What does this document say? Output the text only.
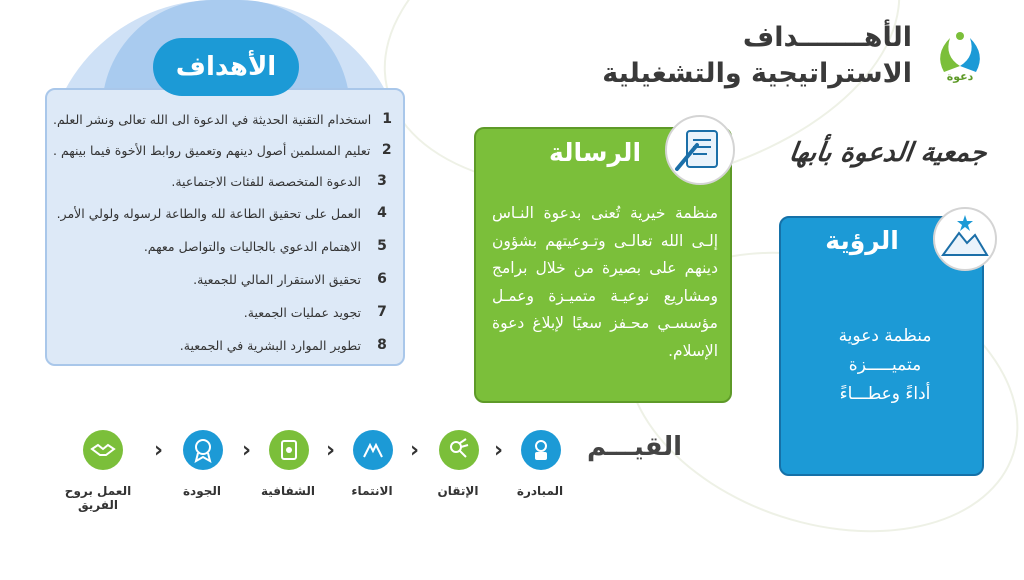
1
استخدام التقنية الحديثة في الدعوة الى الله تعالى ونشر العلم.
2
تعليم المسلمين أصول دينهم وتعميق روابط الأخوة فيما بينهم .
3
الدعوة المتخصصة للفئات الاجتماعية.
4
العمل على تحقيق الطاعة لله والطاعة لرسوله ولولي الأمر.
5
الاهتمام الدعوي بالجاليات والتواصل معهم.
6
تحقيق الاستقرار المالي للجمعية.
7
تجويد عمليات الجمعية.
8
تطوير الموارد البشرية في الجمعية.
الأهداف
الأهـــــــداف
الاستراتيجية والتشغيلية	دعوة
جمعية الدعوة بأبها
الرسالة
منظمة خيرية تُعنى بدعوة النـاس إلـى الله تعالـى وتـوعيتهم بشؤون دينهم على بصيرة من خلال برامج ومشاريع نوعيـة متميـزة وعمـل مؤسسـي محـفز سعيًا لإبلاغ دعوة الإسلام.
الرؤية
منظمة دعوية
متميـــــزة
أداءً وعطـــاءً
القيـــم
المبادرة
‹
الإتقان
‹
الانتماء
‹
الشفافية
‹
الجودة
‹
العمل بروح الفريق
